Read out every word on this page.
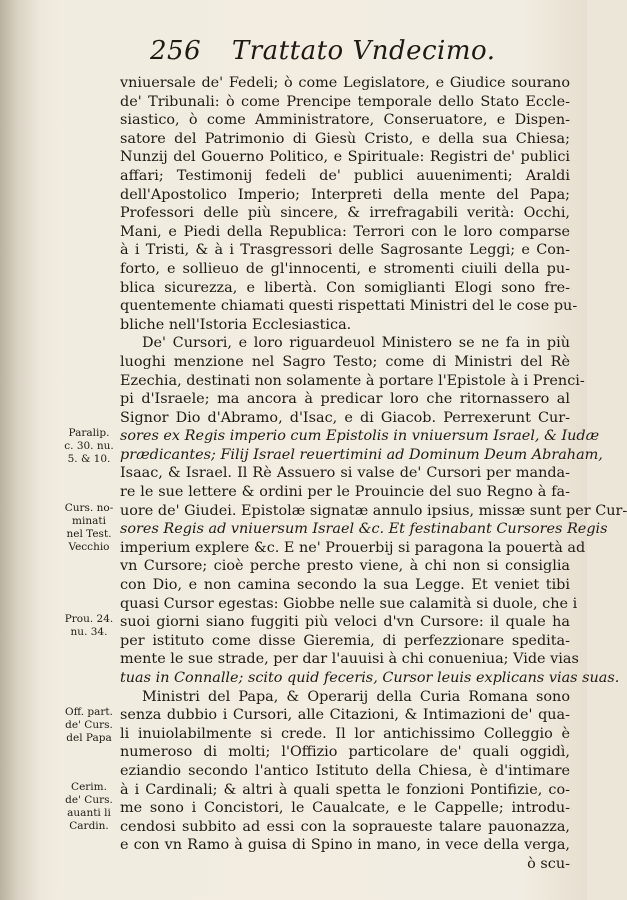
256 Trattato Vndecimo.
vniuersale de' Fedeli; ò come Legislatore, e Giudice sourano
de' Tribunali: ò come Prencipe temporale dello Stato Eccle-
siastico, ò come Amministratore, Conseruatore, e Dispen-
satore del Patrimonio di Giesù Cristo, e della sua Chiesa;
Nunzij del Gouerno Politico, e Spirituale: Registri de' publici
affari; Testimonij fedeli de' publici auuenimenti; Araldi
dell'Apostolico Imperio; Interpreti della mente del Papa;
Professori delle più sincere, & irrefragabili verità: Occhi,
Mani, e Piedi della Republica: Terrori con le loro comparse
à i Tristi, & à i Trasgressori delle Sagrosante Leggi; e Con-
forto, e sollieuo de gl'innocenti, e stromenti ciuili della pu-
blica sicurezza, e libertà. Con somiglianti Elogi sono fre-
quentemente chiamati questi rispettati Ministri del le cose pu-
bliche nell'Istoria Ecclesiastica.
De' Cursori, e loro riguardeuol Ministero se ne fa in più
luoghi menzione nel Sagro Testo; come di Ministri del Rè
Ezechia, destinati non solamente à portare l'Epistole à i Prenci-
pi d'Israele; ma ancora à predicar loro che ritornassero al
Signor Dio d'Abramo, d'Isac, e di Giacob. Perrexerunt Cur-
sores ex Regis imperio cum Epistolis in vniuersum Israel, & Iudæ
prædicantes; Filij Israel reuertimini ad Dominum Deum Abraham,
Isaac, & Israel. Il Rè Assuero si valse de' Cursori per manda-
re le sue lettere & ordini per le Prouincie del suo Regno à fa-
uore de' Giudei. Epistolæ signatæ annulo ipsius, missæ sunt per Cur-
sores Regis ad vniuersum Israel &c. Et festinabant Cursores Regis
imperium explere &c. E ne' Prouerbij si paragona la pouertà ad
vn Cursore; cioè perche presto viene, à chi non si consiglia
con Dio, e non camina secondo la sua Legge. Et veniet tibi
quasi Cursor egestas: Giobbe nelle sue calamità si duole, che i
suoi giorni siano fuggiti più veloci d'vn Cursore: il quale ha
per istituto come disse Gieremia, di perfezzionare speditа-
mente le sue strade, per dar l'auuisi à chi conueniua; Vide vias
tuas in Connalle; scito quid feceris, Cursor leuis explicans vias suas.
Ministri del Papa, & Operarij della Curia Romana sono
senza dubbio i Cursori, alle Citazioni, & Intimazioni de' qua-
li inuiolabilmente si crede. Il lor antichissimo Colleggio è
numeroso di molti; l'Offizio particolare de' quali oggidì,
eziandio secondo l'antico Istituto della Chiesa, è d'intimare
à i Cardinali; & altri à quali spetta le fonzioni Pontifizie, co-
me sono i Concistori, le Caualcate, e le Cappelle; introdu-
cendosi subbito ad essi con la sopraueste talare pauonazza,
e con vn Ramo à guisa di Spino in mano, in vece della verga,
ò scu-
Paralip.
c. 30. nu.
5. & 10.
Curs. no-
minati
nel Test.
Vecchio
Prou. 24.
nu. 34.
Off. part.
de' Curs.
del Papa
Cerim.
de' Curs.
auanti li
Cardin.
